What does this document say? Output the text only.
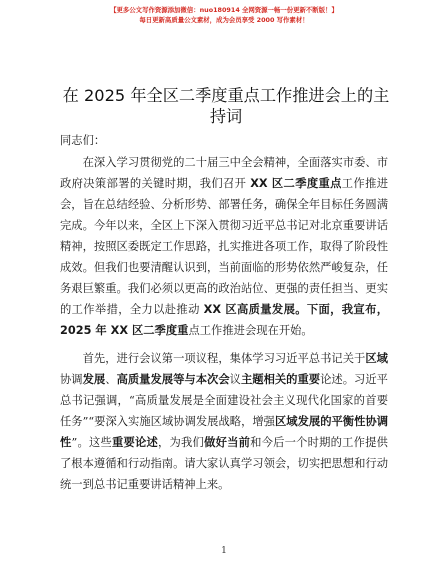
【更多公文写作资源添加微信：nuo180914 全网资源一畅一份更新不断版！】
每日更新高质量公文素材，成为会员享受 2000 写作素材！
在 2025 年全区二季度重点工作推进会上的主持词

同志们：

在深入学习贯彻党的二十届三中全会精神，全面落实市委、市政府决策部署的关键时期，我们召开 XX 区二季度重点工作推进会，旨在总结经验、分析形势、部署任务，确保全年目标任务圆满完成。今年以来，全区上下深入贯彻习近平总书记对北京重要讲话精神，按照区委既定工作思路，扎实推进各项工作，取得了阶段性成效。但我们也要清醒认识到，当前面临的形势依然严峻复杂，任务艰巨繁重。我们必须以更高的政治站位、更强的责任担当、更实的工作举措，全力以赴推动 XX 区高质量发展。下面，我宣布，2025 年 XX 区二季度重点工作推进会现在开始。

首先，进行会议第一项议程，集体学习习近平总书记关于区域协调发展、高质量发展等与本次会议主题相关的重要论述。习近平总书记强调，“高质量发展是全面建设社会主义现代化国家的首要任务”“要深入实施区域协调发展战略，增强区域发展的平衡性协调性”。这些重要论述，为我们做好当前和今后一个时期的工作提供了根本遵循和行动指南。请大家认真学习领会，切实把思想和行动统一到总书记重要讲话精神上来。

1
